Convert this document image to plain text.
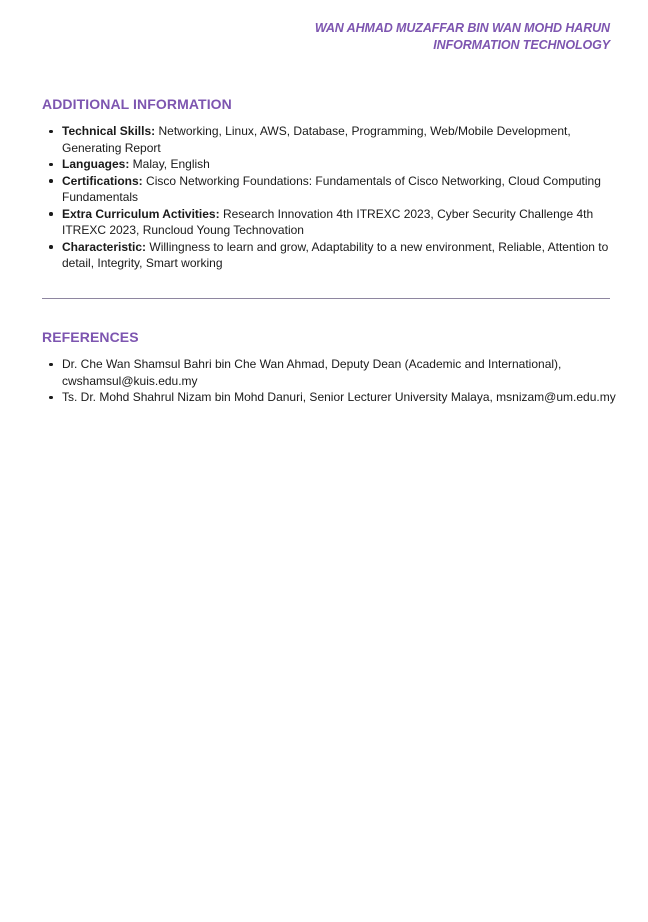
WAN AHMAD MUZAFFAR BIN WAN MOHD HARUN
INFORMATION TECHNOLOGY
ADDITIONAL INFORMATION
Technical Skills: Networking, Linux, AWS, Database, Programming, Web/Mobile Development, Generating Report
Languages: Malay, English
Certifications: Cisco Networking Foundations: Fundamentals of Cisco Networking, Cloud Computing Fundamentals
Extra Curriculum Activities: Research Innovation 4th ITREXC 2023, Cyber Security Challenge 4th ITREXC 2023, Runcloud Young Technovation
Characteristic: Willingness to learn and grow, Adaptability to a new environment, Reliable, Attention to detail, Integrity, Smart working
REFERENCES
Dr. Che Wan Shamsul Bahri bin Che Wan Ahmad, Deputy Dean (Academic and International), cwshamsul@kuis.edu.my
Ts. Dr. Mohd Shahrul Nizam bin Mohd Danuri, Senior Lecturer University Malaya, msnizam@um.edu.my
